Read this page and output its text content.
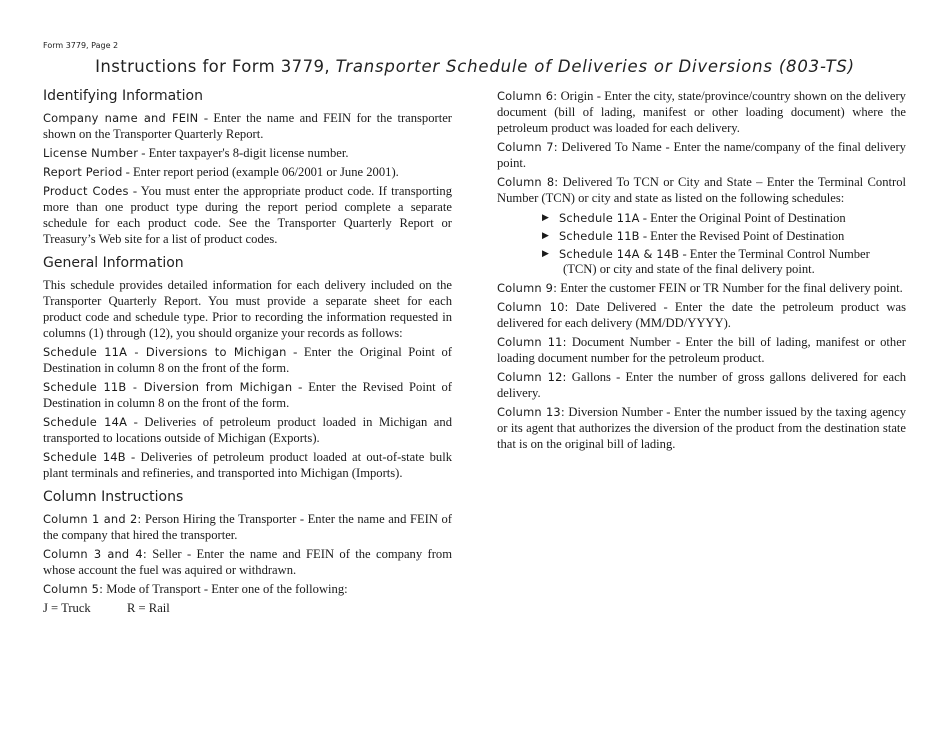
Form 3779, Page 2
Instructions for Form 3779, Transporter Schedule of Deliveries or Diversions (803-TS)
Identifying Information

Company name and FEIN - Enter the name and FEIN for the transporter shown on the Transporter Quarterly Report.

License Number - Enter taxpayer's 8-digit license number.

Report Period - Enter report period (example 06/2001 or June 2001).

Product Codes - You must enter the appropriate product code. If transporting more than one product type during the report period complete a separate schedule for each product code. See the Transporter Quarterly Report or Treasury’s Web site for a list of product codes.

General Information

This schedule provides detailed information for each delivery included on the Transporter Quarterly Report. You must provide a separate sheet for each product code and schedule type. Prior to recording the information requested in columns (1) through (12), you should organize your records as follows:

Schedule 11A - Diversions to Michigan - Enter the Original Point of Destination in column 8 on the front of the form.

Schedule 11B - Diversion from Michigan - Enter the Revised Point of Destination in column 8 on the front of the form.

Schedule 14A - Deliveries of petroleum product loaded in Michigan and transported to locations outside of Michigan (Exports).

Schedule 14B - Deliveries of petroleum product loaded at out-of-state bulk plant terminals and refineries, and transported into Michigan (Imports).

Column Instructions

Column 1 and 2: Person Hiring the Transporter - Enter the name and FEIN of the company that hired the transporter.

Column 3 and 4: Seller - Enter the name and FEIN of the company from whose account the fuel was aquired or withdrawn.

Column 5: Mode of Transport - Enter one of the following:

J = Truck	R = Rail

Column 6: Origin - Enter the city, state/province/country shown on the delivery document (bill of lading, manifest or other loading document) where the petroleum product was loaded for each delivery.

Column 7: Delivered To Name - Enter the name/company of the final delivery point.

Column 8: Delivered To TCN or City and State – Enter the Terminal Control Number (TCN) or city and state as listed on the following schedules:

▶ Schedule 11A - Enter the Original Point of Destination
▶ Schedule 11B - Enter the Revised Point of Destination
▶ Schedule 14A & 14B - Enter the Terminal Control Number
(TCN) or city and state of the final delivery point.

Column 9: Enter the customer FEIN or TR Number for the final delivery point.

Column 10: Date Delivered - Enter the date the petroleum product was delivered for each delivery (MM/DD/YYYY).

Column 11: Document Number - Enter the bill of lading, manifest or other loading document number for the petroleum product.

Column 12: Gallons - Enter the number of gross gallons delivered for each delivery.

Column 13: Diversion Number - Enter the number issued by the taxing agency or its agent that authorizes the diversion of the product from the destination state that is on the original bill of lading.
